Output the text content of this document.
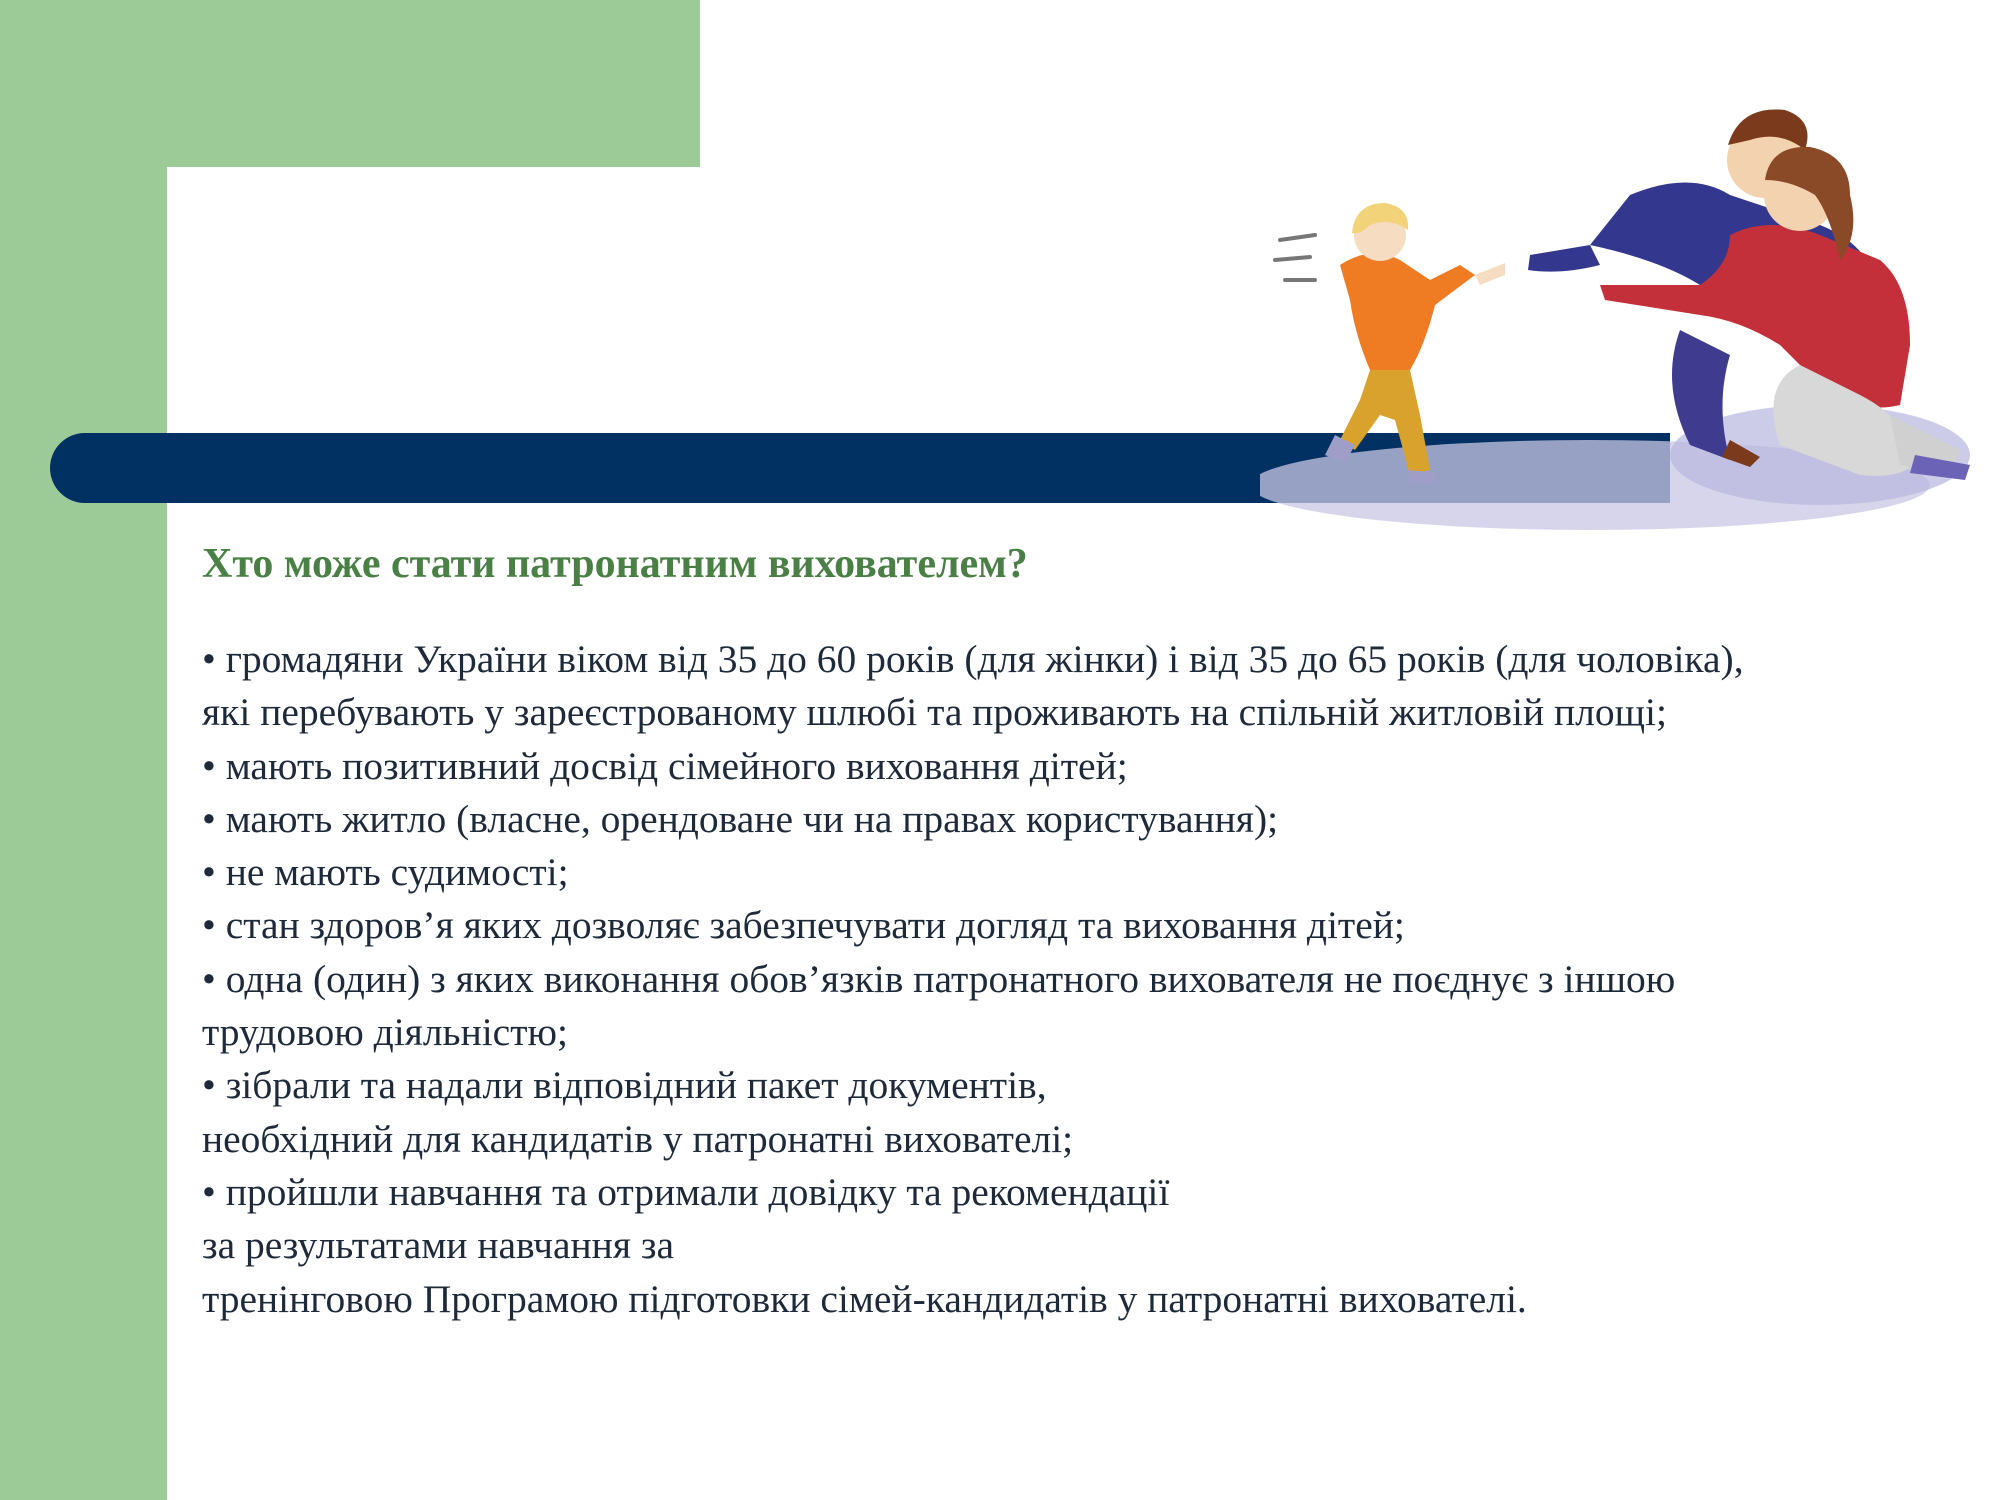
Хто може стати патронатним вихователем?
• громадяни України віком від 35 до 60 років (для жінки) і від 35 до 65 років (для чоловіка),
які перебувають у зареєстрованому шлюбі та проживають на спільній житловій площі;
• мають позитивний досвід сімейного виховання дітей;
• мають житло (власне, орендоване чи на правах користування);
• не мають судимості;
• стан здоров’я яких дозволяє забезпечувати догляд та виховання дітей;
• одна (один) з яких виконання обов’язків патронатного вихователя не поєднує з іншою
трудовою діяльністю;
• зібрали та надали відповідний пакет документів,
необхідний для кандидатів у патронатні вихователі;
• пройшли навчання та отримали довідку та рекомендації
за результатами навчання за
тренінговою Програмою підготовки сімей-кандидатів у патронатні вихователі.
